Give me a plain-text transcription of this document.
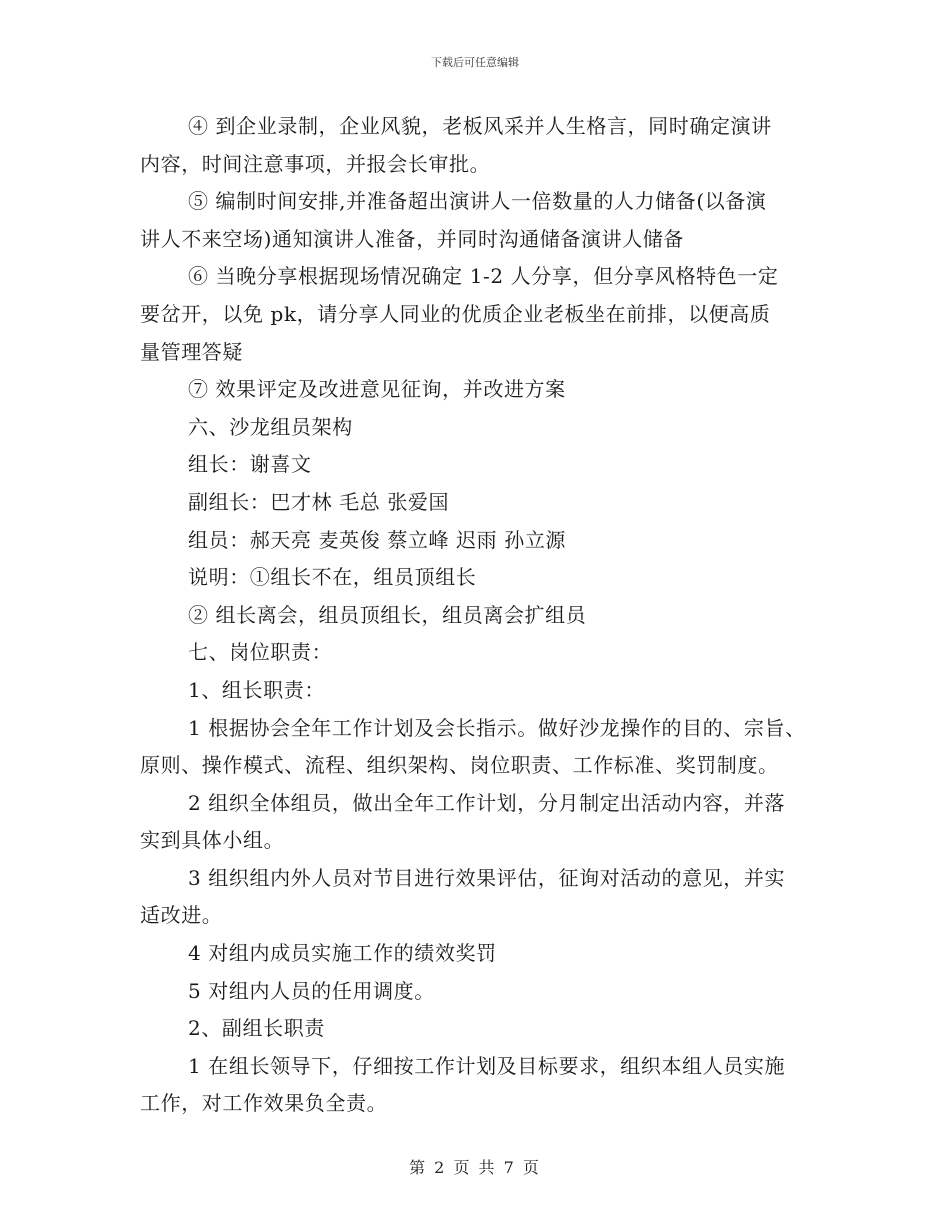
下载后可任意编辑
④ 到企业录制，企业风貌，老板风采并人生格言，同时确定演讲
内容，时间注意事项，并报会长审批。
⑤ 编制时间安排,并准备超出演讲人一倍数量的人力储备(以备演
讲人不来空场)通知演讲人准备，并同时沟通储备演讲人储备
⑥ 当晚分享根据现场情况确定 1-2 人分享，但分享风格特色一定
要岔开，以免 pk，请分享人同业的优质企业老板坐在前排，以便高质
量管理答疑
⑦ 效果评定及改进意见征询，并改进方案
六、沙龙组员架构
组长：谢喜文
副组长：巴才林 毛总 张爱国
组员：郝天亮 麦英俊 蔡立峰 迟雨 孙立源
说明：①组长不在，组员顶组长
② 组长离会，组员顶组长，组员离会扩组员
七、岗位职责：
1、组长职责：
1 根据协会全年工作计划及会长指示。做好沙龙操作的目的、宗旨、
原则、操作模式、流程、组织架构、岗位职责、工作标准、奖罚制度。
2 组织全体组员，做出全年工作计划，分月制定出活动内容，并落
实到具体小组。
3 组织组内外人员对节目进行效果评估，征询对活动的意见，并实
适改进。
4 对组内成员实施工作的绩效奖罚
5 对组内人员的任用调度。
2、副组长职责
1 在组长领导下，仔细按工作计划及目标要求，组织本组人员实施
工作，对工作效果负全责。
第 2 页 共 7 页
